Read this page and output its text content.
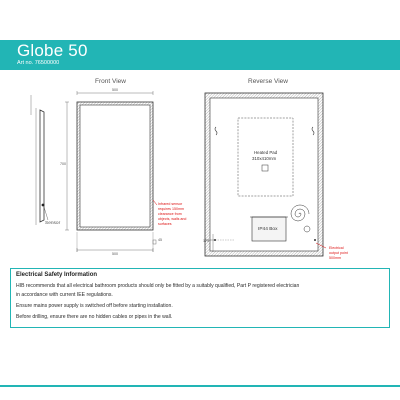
Globe 50
Art no. 76500000
Front View	Reverse View
500
700
500
45	175
Sensor
Heated Pad
310x410mm
IP44 Box
Infrared sensor
requires 150mm
clearance from
objects, walls and
surfaces
Electrical
output point
500mm
Electrical Safety Information
HIB recommends that all electrical bathroom products should only be fitted by a suitably qualified, Part P registered electrician
in accordance with current IEE regulations.
Ensure mains power supply is switched off before starting installation.
Before drilling, ensure there are no hidden cables or pipes in the wall.
